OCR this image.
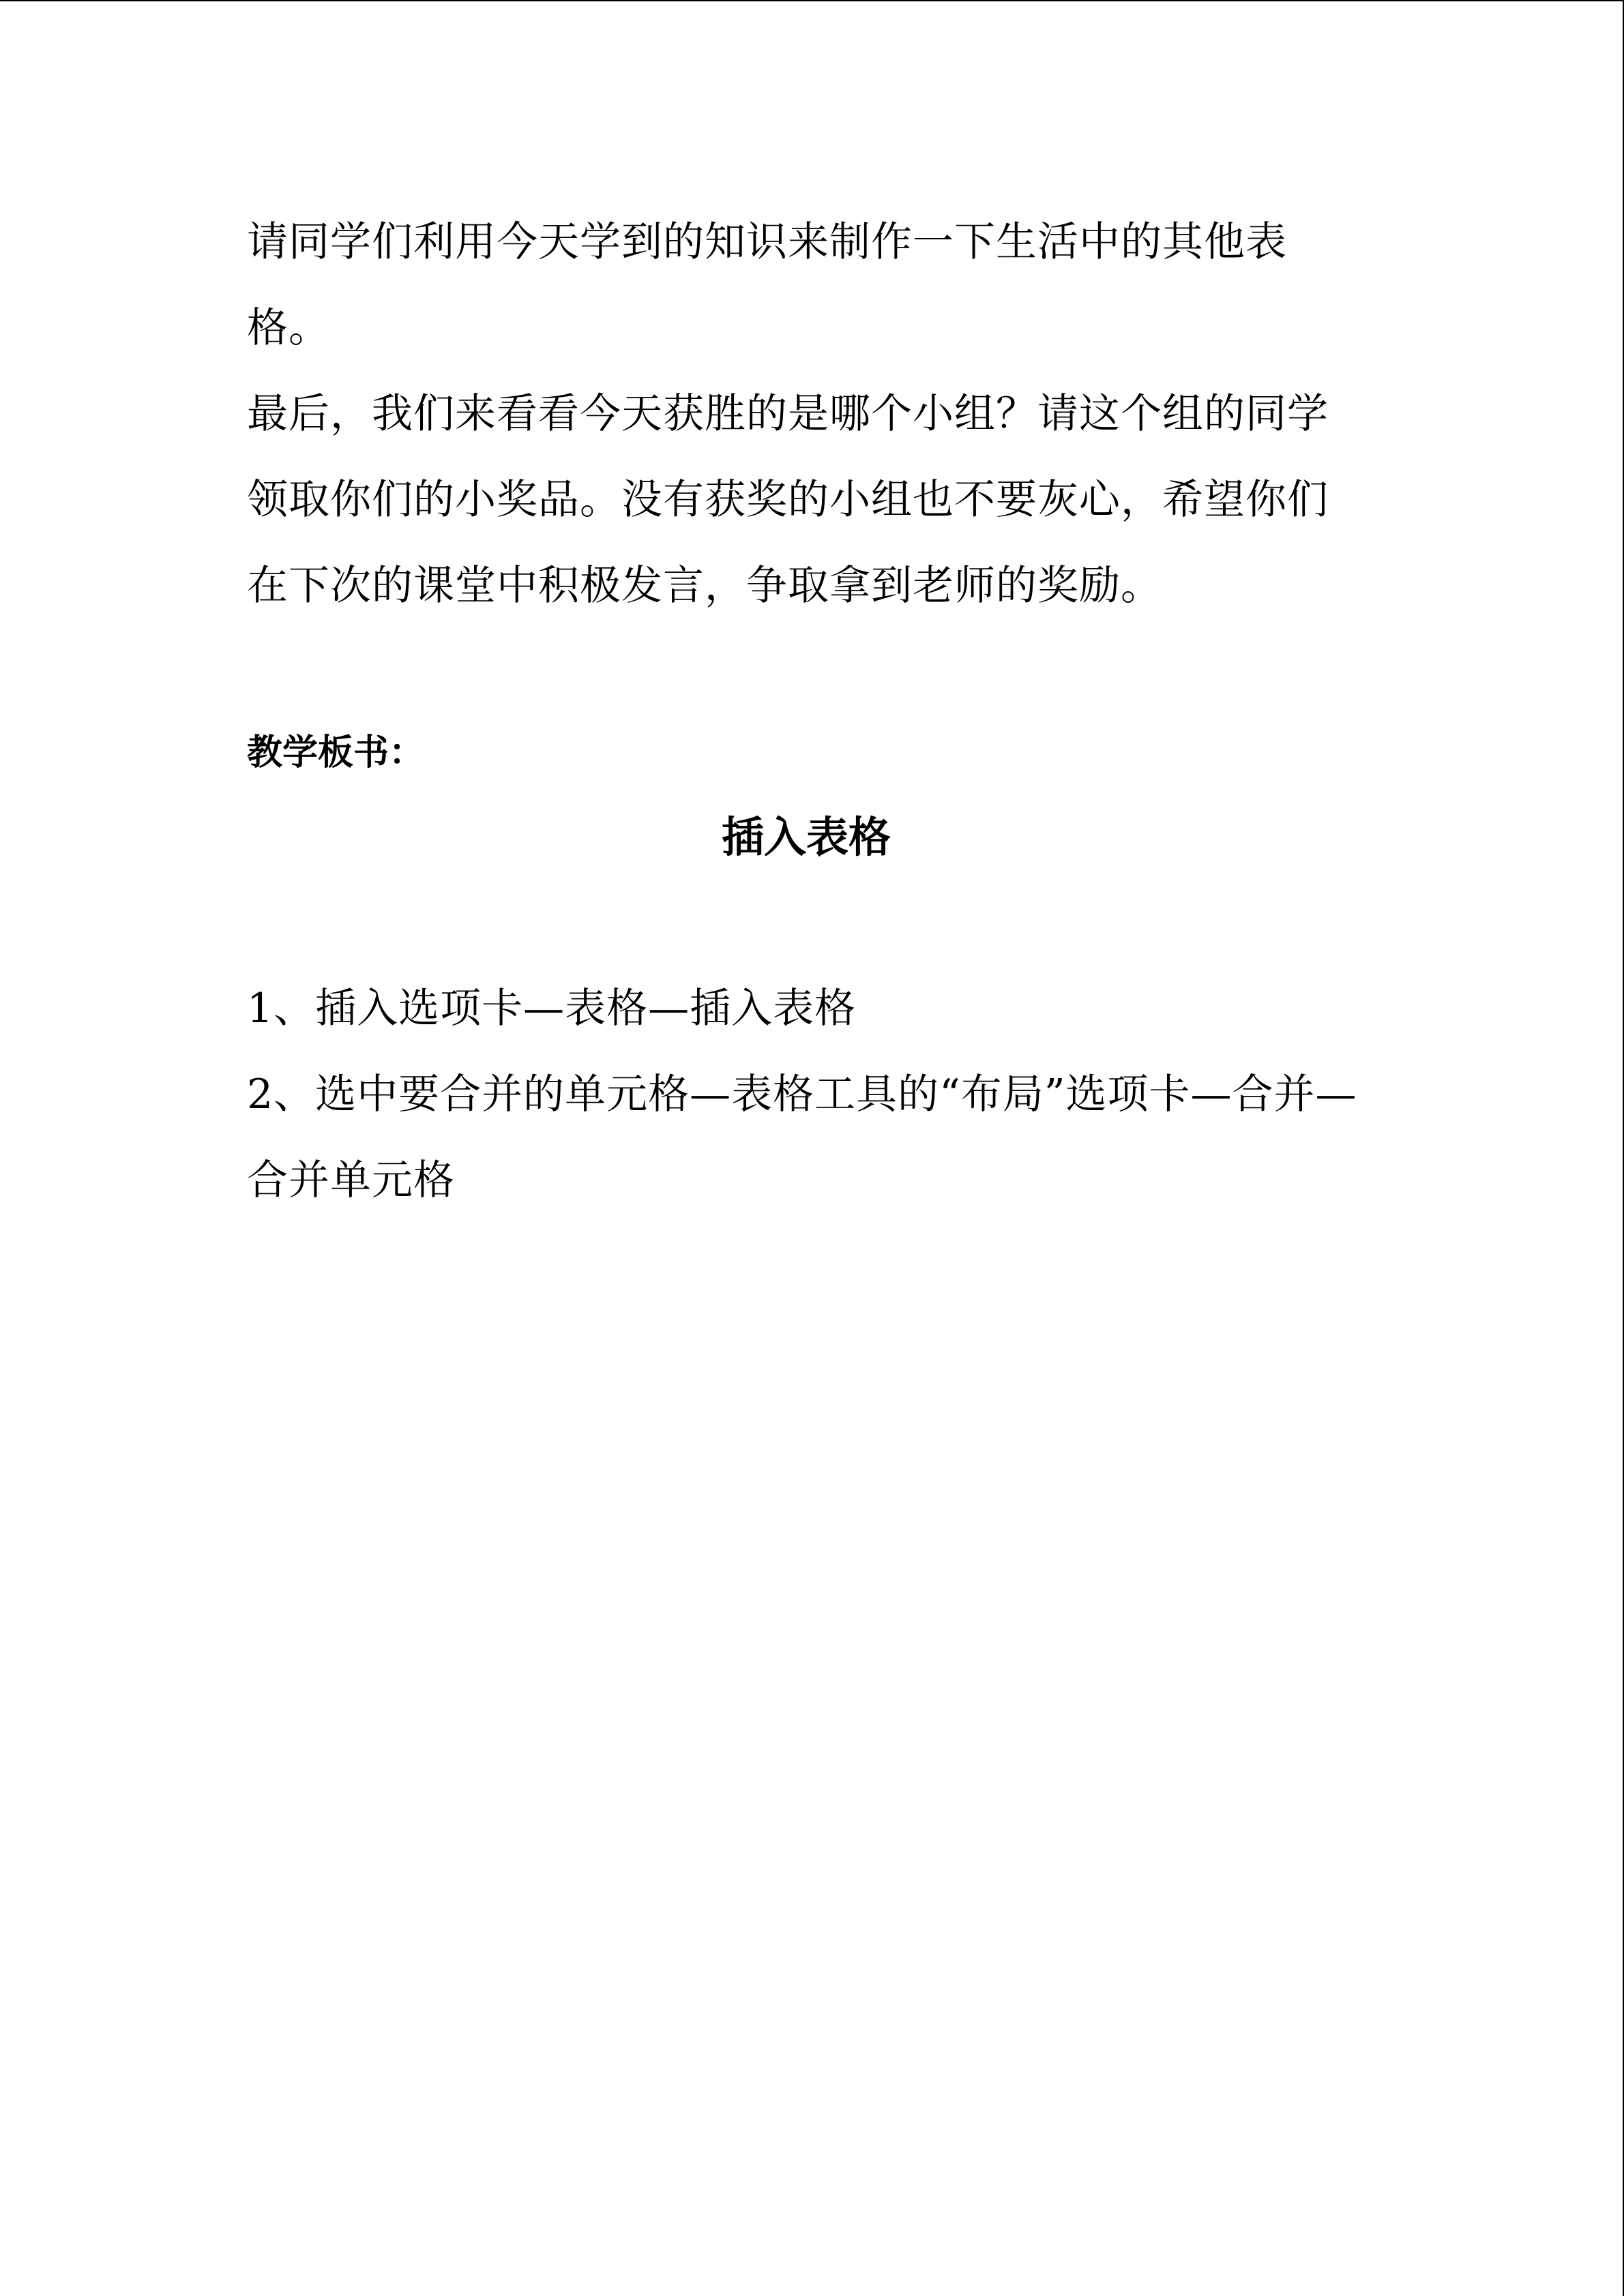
请同学们利用今天学到的知识来制作一下生活中的其他表格。

最后，我们来看看今天获胜的是哪个小组？请这个组的同学领取你们的小奖品。没有获奖的小组也不要灰心，希望你们在下次的课堂中积极发言，争取拿到老师的奖励。

教学板书：

插入表格

1、插入选项卡—表格—插入表格

2、选中要合并的单元格—表格工具的“布局”选项卡—合并—合并单元格
